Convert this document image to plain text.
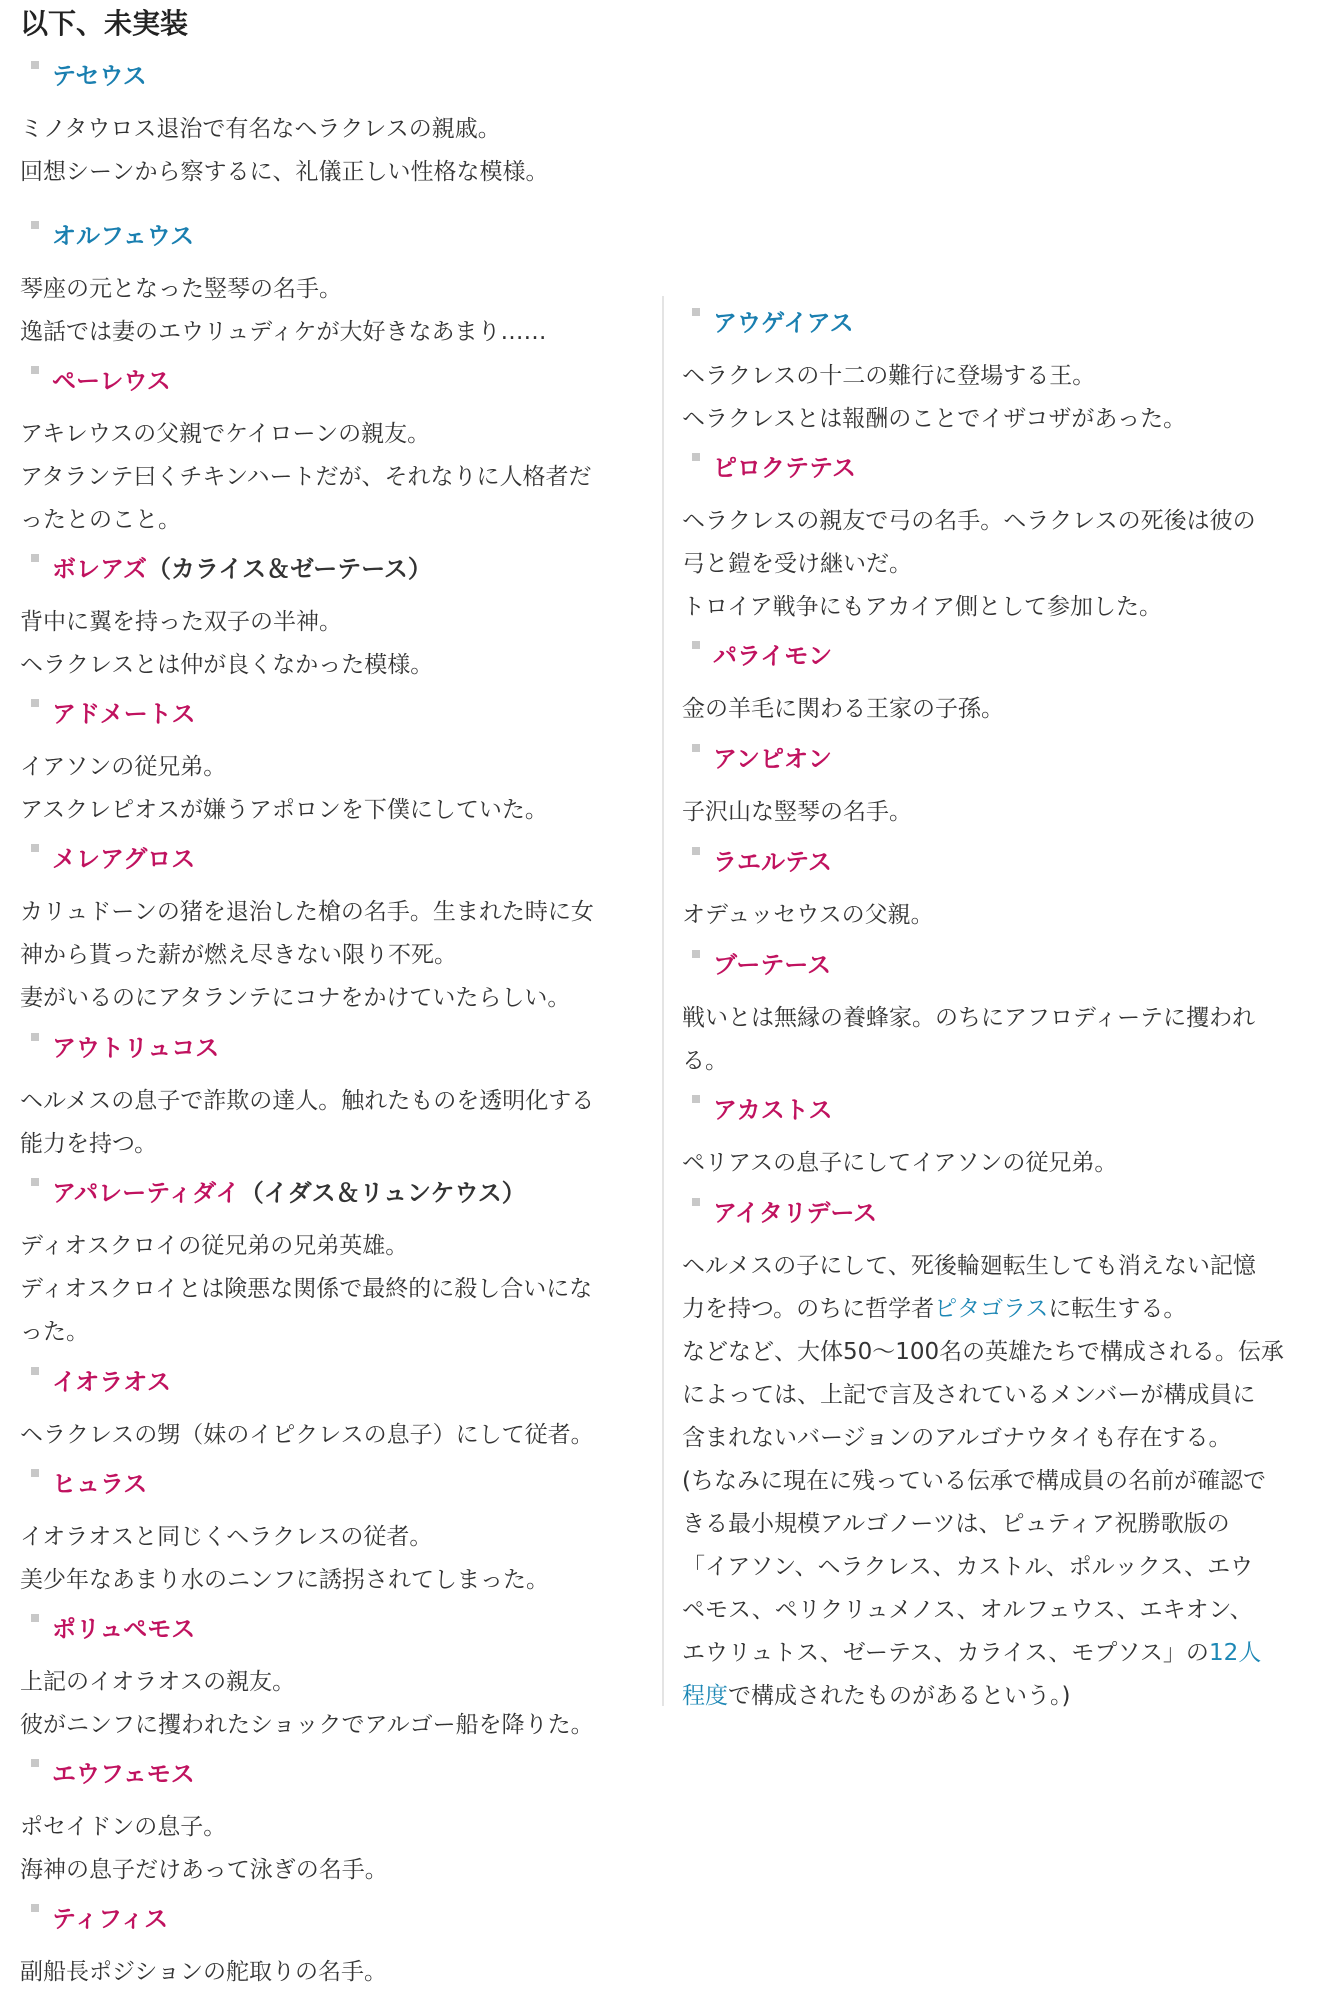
以下、未実装
テセウス
ミノタウロス退治で有名なヘラクレスの親戚。
回想シーンから察するに、礼儀正しい性格な模様。
オルフェウス
琴座の元となった竪琴の名手。
逸話では妻のエウリュディケが大好きなあまり……
ペーレウス
アキレウスの父親でケイローンの親友。
アタランテ曰くチキンハートだが、それなりに人格者だ
ったとのこと。
ボレアズ（カライス＆ゼーテース）
背中に翼を持った双子の半神。
ヘラクレスとは仲が良くなかった模様。
アドメートス
イアソンの従兄弟。
アスクレピオスが嫌うアポロンを下僕にしていた。
メレアグロス
カリュドーンの猪を退治した槍の名手。生まれた時に女
神から貰った薪が燃え尽きない限り不死。
妻がいるのにアタランテにコナをかけていたらしい。
アウトリュコス
ヘルメスの息子で詐欺の達人。触れたものを透明化する
能力を持つ。
アパレーティダイ（イダス＆リュンケウス）
ディオスクロイの従兄弟の兄弟英雄。
ディオスクロイとは険悪な関係で最終的に殺し合いにな
った。
イオラオス
ヘラクレスの甥（妹のイピクレスの息子）にして従者。
ヒュラス
イオラオスと同じくヘラクレスの従者。
美少年なあまり水のニンフに誘拐されてしまった。
ポリュペモス
上記のイオラオスの親友。
彼がニンフに攫われたショックでアルゴー船を降りた。
エウフェモス
ポセイドンの息子。
海神の息子だけあって泳ぎの名手。
ティフィス
副船長ポジションの舵取りの名手。
アウゲイアス
ヘラクレスの十二の難行に登場する王。
ヘラクレスとは報酬のことでイザコザがあった。
ピロクテテス
ヘラクレスの親友で弓の名手。ヘラクレスの死後は彼の
弓と鎧を受け継いだ。
トロイア戦争にもアカイア側として参加した。
パライモン
金の羊毛に関わる王家の子孫。
アンピオン
子沢山な竪琴の名手。
ラエルテス
オデュッセウスの父親。
ブーテース
戦いとは無縁の養蜂家。のちにアフロディーテに攫われ
る。
アカストス
ペリアスの息子にしてイアソンの従兄弟。
アイタリデース
ヘルメスの子にして、死後輪廻転生しても消えない記憶
力を持つ。のちに哲学者ピタゴラスに転生する。
などなど、大体50～100名の英雄たちで構成される。伝承
によっては、上記で言及されているメンバーが構成員に
含まれないバージョンのアルゴナウタイも存在する。
(ちなみに現在に残っている伝承で構成員の名前が確認で
きる最小規模アルゴノーツは、ピュティア祝勝歌版の
「イアソン、ヘラクレス、カストル、ポルックス、エウ
ペモス、ペリクリュメノス、オルフェウス、エキオン、
エウリュトス、ゼーテス、カライス、モプソス」の12人
程度で構成されたものがあるという。)
